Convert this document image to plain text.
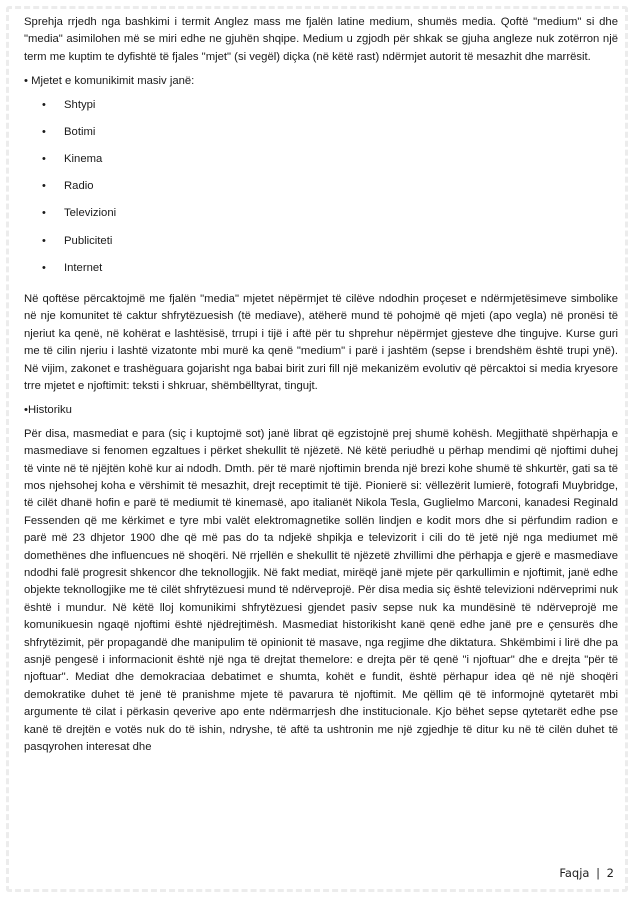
Sprehja rrjedh nga bashkimi i termit Anglez mass me fjalën latine medium, shumës media. Qoftë "medium" si dhe "media" asimilohen më se miri edhe ne gjuhën shqipe. Medium u zgjodh për shkak se gjuha angleze nuk zotërron një term me kuptim te dyfishtë të fjales "mjet" (si vegël) diçka (në këtë rast) ndërmjet autorit të mesazhit dhe marrësit.

• Mjetet e komunikimit masiv janë:

• Shtypi
• Botimi
• Kinema
• Radio
• Televizioni
• Publiciteti
• Internet

Në qoftëse përcaktojmë me fjalën "media" mjetet nëpërmjet të cilëve ndodhin proçeset e ndërmjetësimeve simbolike në nje komunitet të caktur shfrytëzuesish (të mediave), atëherë mund të pohojmë që mjeti (apo vegla) në pronësi të njeriut ka qenë, në kohërat e lashtësisë, trrupi i tijë i aftë për tu shprehur nëpërmjet gjesteve dhe tingujve. Kurse guri me të cilin njeriu i lashtë vizatonte mbi murë ka qenë "medium" i parë i jashtëm (sepse i brendshëm është trupi ynë). Në vijim, zakonet e trashëguara gojarisht nga babai birit zuri fill një mekanizëm evolutiv që përcaktoi si media kryesore trre mjetet e njoftimit: teksti i shkruar, shëmbëlltyrat, tingujt.

•Historiku

Për disa, masmediat e para (siç i kuptojmë sot) janë librat që egzistojnë prej shumë kohësh. Megjithatë shpërhapja e masmediave si fenomen egzaltues i përket shekullit të njëzetë. Në këtë periudhë u përhap mendimi që njoftimi duhej të vinte në të njëjtën kohë kur ai ndodh. Dmth. për të marë njoftimin brenda një brezi kohe shumë të shkurtër, gati sa të mos njehsohej koha e vërshimit të mesazhit, drejt receptimit të tijë. Pionierë si: vëllezërit lumierë, fotografi Muybridge, të cilët dhanë hofin e parë të mediumit të kinemasë, apo italianët Nikola Tesla, Guglielmo Marconi, kanadesi Reginald Fessenden që me kërkimet e tyre mbi valët elektromagnetike sollën lindjen e kodit mors dhe si përfundim radion e parë më 23 dhjetor 1900 dhe që më pas do ta ndjekë shpikja e televizorit i cili do të jetë një nga mediumet më domethënes dhe influencues në shoqëri. Në rrjellën e shekullit të njëzetë zhvillimi dhe përhapja e gjerë e masmediave ndodhi falë progresit shkencor dhe teknollogjik. Në fakt mediat, mirëqë janë mjete për qarkullimin e njoftimit, janë edhe objekte teknollogjike me të cilët shfrytëzuesi mund të ndërveprojë. Për disa media siç është televizioni ndërveprimi nuk është i mundur. Në këtë lloj komunikimi shfrytëzuesi gjendet pasiv sepse nuk ka mundësinë të ndërveprojë me komunikuesin ngaqë njoftimi është njëdrejtimësh. Masmediat historikisht kanë qenë edhe janë pre e çensurës dhe shfrytëzimit, për propagandë dhe manipulim të opinionit të masave, nga regjime dhe diktatura. Shkëmbimi i lirë dhe pa asnjë pengesë i informacionit është një nga të drejtat themelore: e drejta për të qenë "i njoftuar" dhe e drejta "për të njoftuar". Mediat dhe demokraciaa debatimet e shumta, kohët e fundit, është përhapur idea që në një shoqëri demokratike duhet të jenë të pranishme mjete të pavarura të njoftimit. Me qëllim që të informojnë qytetarët mbi argumente të cilat i përkasin qeverive apo ente ndërmarrjesh dhe institucionale. Kjo bëhet sepse qytetarët edhe pse kanë të drejtën e votës nuk do të ishin, ndryshe, të aftë ta ushtronin me një zgjedhje të ditur ku në të cilën duhet të pasqyrohen interesat dhe

Faqja | 2
